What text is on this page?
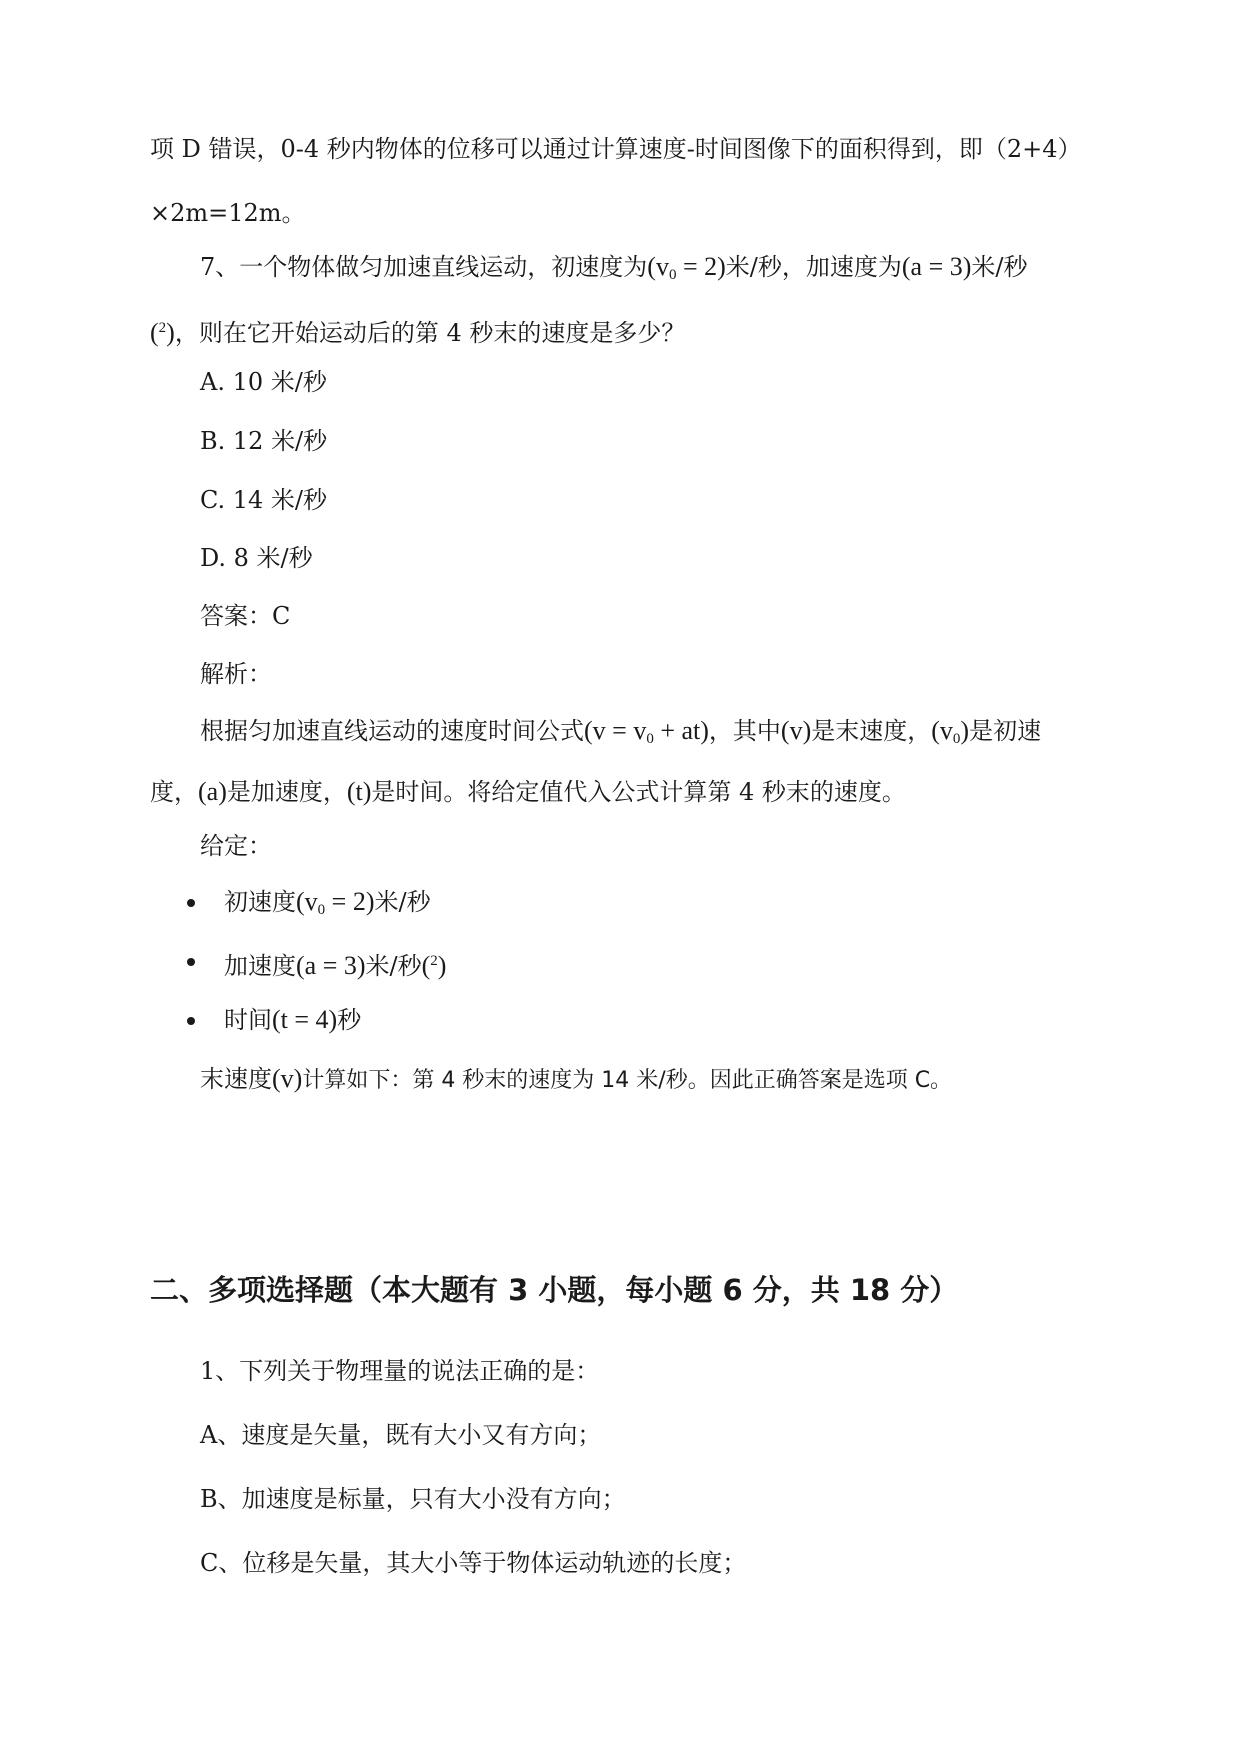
项 D 错误，0-4 秒内物体的位移可以通过计算速度-时间图像下的面积得到，即（2+4）
×2m=12m。
7、一个物体做匀加速直线运动，初速度为$(v_0 = 2)$米/秒，加速度为(a = 3)米/秒
($^2$)，则在它开始运动后的第 4 秒末的速度是多少？
A. 10 米/秒
B. 12 米/秒
C. 14 米/秒
D. 8 米/秒
答案：C
解析：
根据匀加速直线运动的速度时间公式$(v = v_0 + at)$，其中(v)是末速度，$(v_0)$是初速
度，(a)是加速度，(t)是时间。将给定值代入公式计算第 4 秒末的速度。
给定：
初速度$(v_0 = 2)$米/秒
加速度(a = 3)米/秒($^2$)
时间(t = 4)秒
末速度(v)计算如下：第 4 秒末的速度为 14 米/秒。因此正确答案是选项 C。
二、多项选择题（本大题有 3 小题，每小题 6 分，共 18 分）
1、下列关于物理量的说法正确的是：
A、速度是矢量，既有大小又有方向；
B、加速度是标量，只有大小没有方向；
C、位移是矢量，其大小等于物体运动轨迹的长度；
